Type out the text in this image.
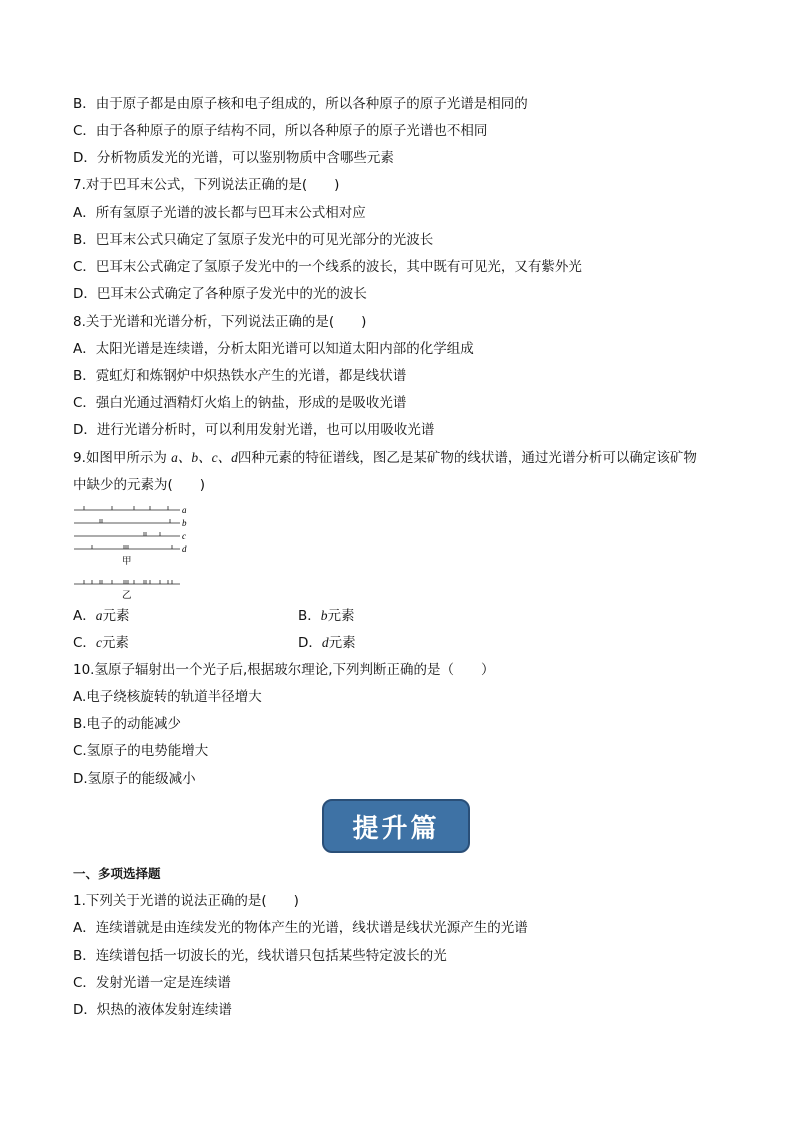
B．由于原子都是由原子核和电子组成的，所以各种原子的原子光谱是相同的
C．由于各种原子的原子结构不同，所以各种原子的原子光谱也不相同
D．分析物质发光的光谱，可以鉴别物质中含哪些元素
7.对于巴耳末公式，下列说法正确的是(　　)
A．所有氢原子光谱的波长都与巴耳末公式相对应
B．巴耳末公式只确定了氢原子发光中的可见光部分的光波长
C．巴耳末公式确定了氢原子发光中的一个线系的波长，其中既有可见光，又有紫外光
D．巴耳末公式确定了各种原子发光中的光的波长
8.关于光谱和光谱分析，下列说法正确的是(　　)
A．太阳光谱是连续谱，分析太阳光谱可以知道太阳内部的化学组成
B．霓虹灯和炼钢炉中炽热铁水产生的光谱，都是线状谱
C．强白光通过酒精灯火焰上的钠盐，形成的是吸收光谱
D．进行光谱分析时，可以利用发射光谱，也可以用吸收光谱
9.如图甲所示为 a、b、c、d四种元素的特征谱线，图乙是某矿物的线状谱，通过光谱分析可以确定该矿物
中缺少的元素为(　　)
a
b
c
d
甲
乙
A．a元素	B．b元素
C．c元素	D．d元素
10.氢原子辐射出一个光子后,根据玻尔理论,下列判断正确的是（　　）
A.电子绕核旋转的轨道半径增大
B.电子的动能减少
C.氢原子的电势能增大
D.氢原子的能级减小
提升篇
一、多项选择题
1.下列关于光谱的说法正确的是(　　)
A．连续谱就是由连续发光的物体产生的光谱，线状谱是线状光源产生的光谱
B．连续谱包括一切波长的光，线状谱只包括某些特定波长的光
C．发射光谱一定是连续谱
D．炽热的液体发射连续谱
